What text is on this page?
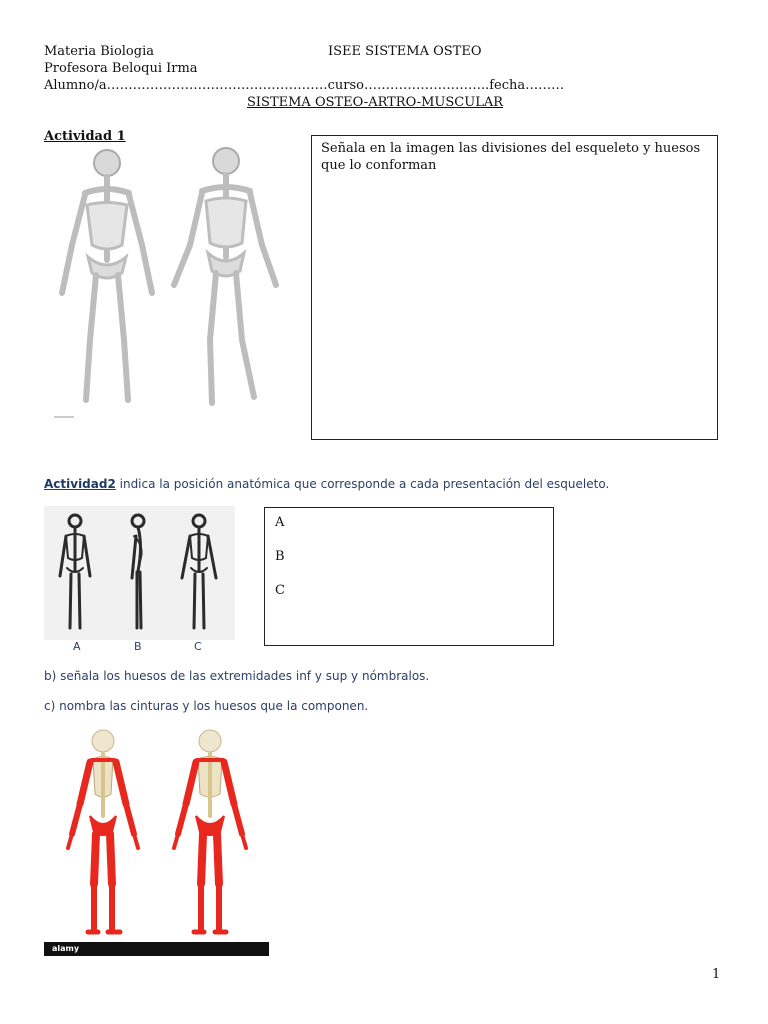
Materia Biologia	ISEE SISTEMA OSTEO
Profesora Beloqui Irma
Alumno/a……………………………………………curso………………………..fecha………
SISTEMA OSTEO-ARTRO-MUSCULAR
Actividad 1
Señala en la imagen las divisiones del esqueleto y huesos que lo conforman
Actividad2 indica la posición anatómica que corresponde a cada presentación del esqueleto.
A	B	C
A
B
C
b) señala los huesos de las extremidades inf y sup y nómbralos.
c) nombra las cinturas y los huesos que la componen.
alamy
1
